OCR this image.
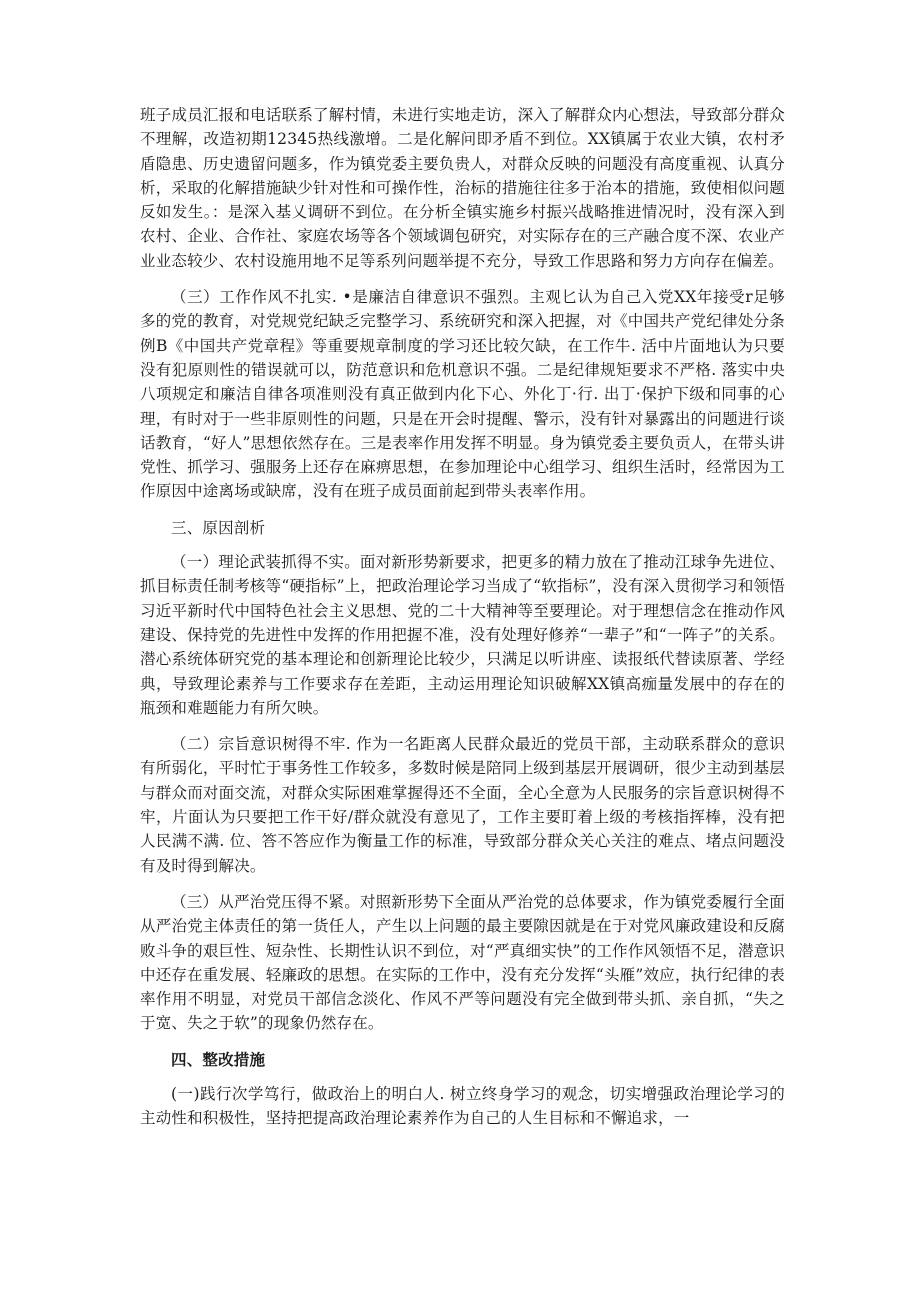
班子成员汇报和电话联系了解村情，未进行实地走访，深入了解群众内心想法，导致部分群众不理解，改造初期12345热线激增。二是化解问即矛盾不到位。XX镇属于农业大镇，农村矛盾隐患、历史遗留问题多，作为镇党委主要负贵人，对群众反映的问题没有高度重视、认真分析，采取的化解措施缺少针对性和可操作性，治标的措施往往多于治本的措施，致使相似问题反如发生。：是深入基乂调研不到位。在分析全镇实施乡村振兴战略推进情况时，没有深入到农村、企业、合作社、家庭农场等各个领域调包研究，对实际存在的三产融合度不深、农业产业业态较少、农村设施用地不足等系列问题举提不充分，导致工作思路和努力方向存在偏差。

（三）工作作风不扎实. •是廉洁自律意识不强烈。主观匕认为自己入党XX年接受r足够多的党的教育，对党规党纪缺乏完整学习、系统研究和深入把握，对《中国共产党纪律处分条例B《中国共产党章程》等重要规章制度的学习还比较欠缺，在工作牛. 活中片面地认为只要没有犯原则性的错误就可以，防范意识和危机意识不强。二是纪律规矩要求不严格. 落实中央八项规定和廉洁自律各项准则没有真正做到内化下心、外化丁·行. 出丁·保护下级和同事的心理，有时对于一些非原则性的问题，只是在开会时提醒、警示，没有针对暴露出的问题进行谈话教育，“好人”思想依然存在。三是表率作用发挥不明显。身为镇党委主要负贡人，在带头讲党性、抓学习、强服务上还存在麻痹思想，在参加理论中心组学习、组织生活时，经常因为工作原因中途离场或缺席，没有在班子成员面前起到带头表率作用。

三、原因剖析

（一）理论武装抓得不实。面对新形势新要求，把更多的精力放在了推动江球争先进位、抓目标责任制考核等“硬指标”上，把政治理论学习当成了“软指标”，没有深入贯彻学习和领悟习近平新时代中国特色社会主义思想、党的二十大精神等至要理论。对于理想信念在推动作风建设、保持党的先进性中发挥的作用把握不准，没有处理好修养“一辈子”和“一阵子”的关系。潜心系统体研究党的基本理论和创新理论比较少，只满足以听讲座、读报纸代替读原著、学经典，导致理论素养与工作要求存在差距，主动运用理论知识破解XX镇高痂量发展中的存在的瓶颈和难题能力有所欠映。

（二）宗旨意识树得不牢. 作为一名距离人民群众最近的党员干部，主动联系群众的意识有所弱化，平时忙于事务性工作较多，多数时候是陪同上级到基层开展调研，很少主动到基层与群众而对面交流，对群众实际困难掌握得还不全面，全心全意为人民服务的宗旨意识树得不牢，片面认为只要把工作干好/群众就没有意见了，工作主要盯着上级的考核指挥棒，没有把人民满不满. 位、答不答应作为衡量工作的标准，导致部分群众关心关注的难点、堵点问题没有及时得到解决。

（三）从严治党压得不紧。对照新形势下全面从严治党的总体要求，作为镇党委履行全面从严治党主体责任的第一货任人，产生以上问题的最主要隙因就是在于对党风廉政建设和反腐败斗争的艰巨性、短杂性、长期性认识不到位，对“严真细实快”的工作作风领悟不足，潜意识中还存在重发展、轻廉政的思想。在实际的工作中，没有充分发挥“头雁”效应，执行纪律的表率作用不明显，对党员干部信念淡化、作风不严等问题没有完全做到带头抓、亲自抓，“失之于宽、失之于软”的现象仍然存在。

四、整改措施

(一)践行次学笃行，做政治上的明白人. 树立终身学习的观念，切实增强政治理论学习的主动性和积极性，坚持把提高政治理论素养作为自己的人生目标和不懈追求，一
